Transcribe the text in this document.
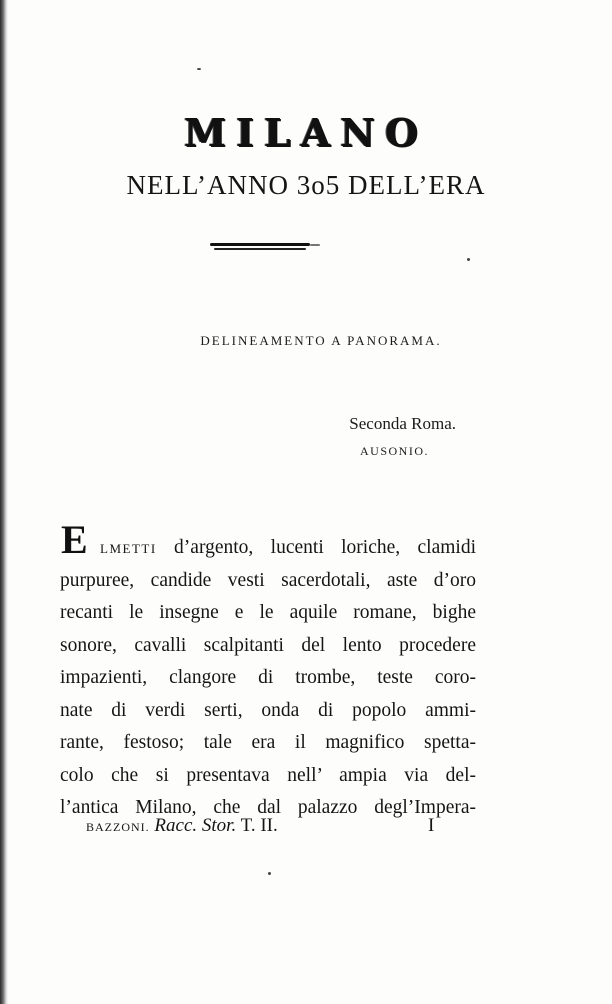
MILANO
NELL’ANNO 3o5 DELL’ERA
DELINEAMENTO A PANORAMA.
Seconda Roma.
AUSONIO.
E LMETTI d’argento, lucenti loriche, clamidi
purpuree, candide vesti sacerdotali, aste d’oro
recanti le insegne e le aquile romane, bighe
sonore, cavalli scalpitanti del lento procedere
impazienti, clangore di trombe, teste coro-
nate di verdi serti, onda di popolo ammi-
rante, festoso; tale era il magnifico spetta-
colo che si presentava nell’ ampia via del-
l’antica Milano, che dal palazzo degl’Impera-
BAZZONI. Racc. Stor. T. II.	I
